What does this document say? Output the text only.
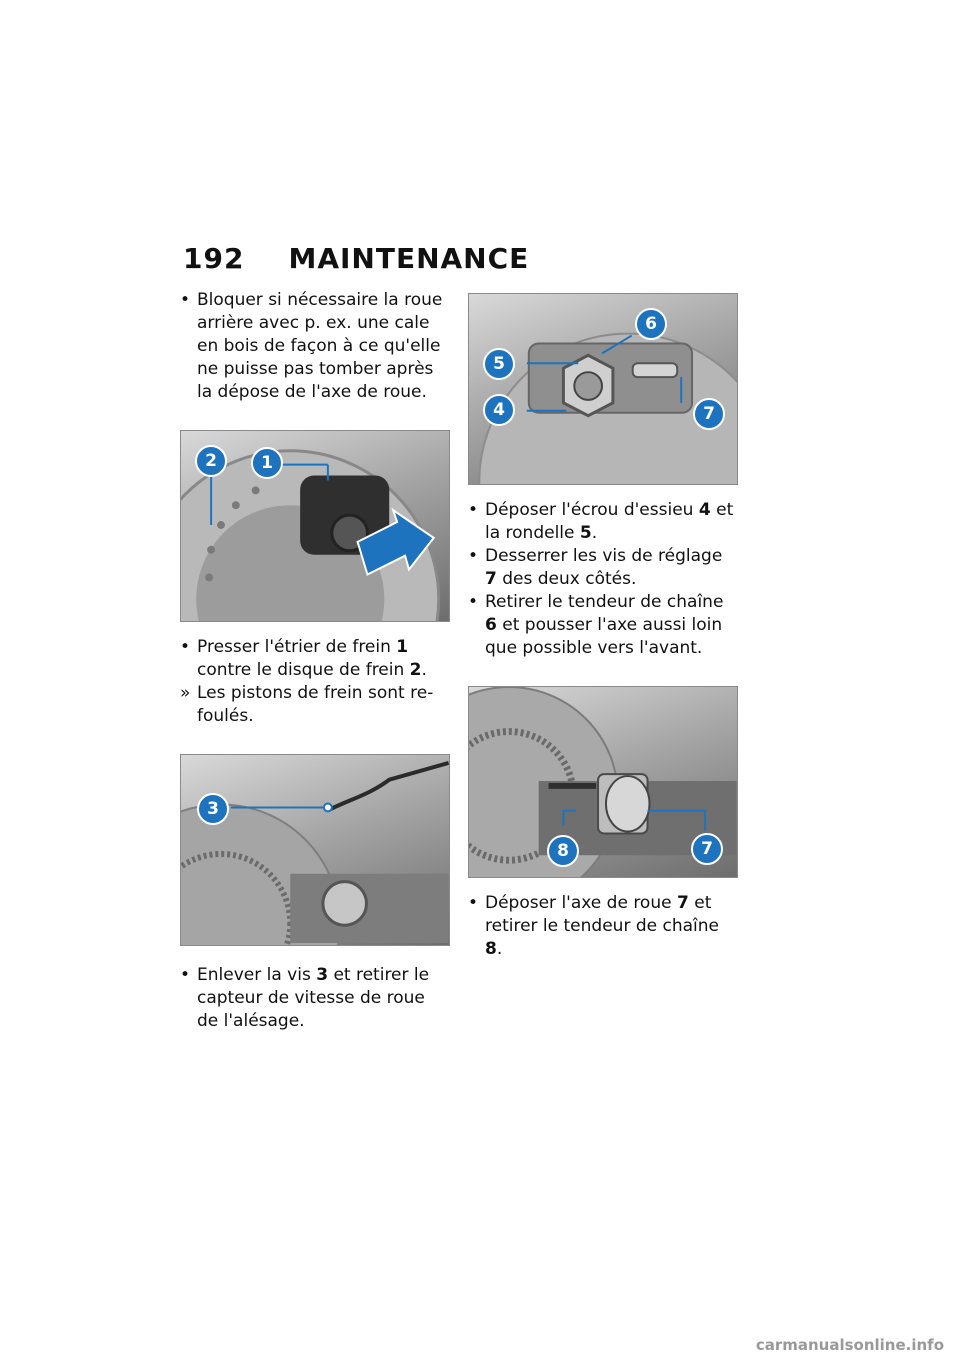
192 MAINTENANCE
• Bloquer si nécessaire la roue arrière avec p. ex. une cale en bois de façon à ce qu'elle ne puisse pas tomber après la dépose de l'axe de roue.
2	1
• Presser l'étrier de frein 1 contre le disque de frein 2.
» Les pistons de frein sont re-foulés.
3
• Enlever la vis 3 et retirer le capteur de vitesse de roue de l'alésage.
6
5
4	7
• Déposer l'écrou d'essieu 4 et la rondelle 5.
• Desserrer les vis de réglage 7 des deux côtés.
• Retirer le tendeur de chaîne 6 et pousser l'axe aussi loin que possible vers l'avant.
8	7
• Déposer l'axe de roue 7 et retirer le tendeur de chaîne 8.
carmanualsonline.info
